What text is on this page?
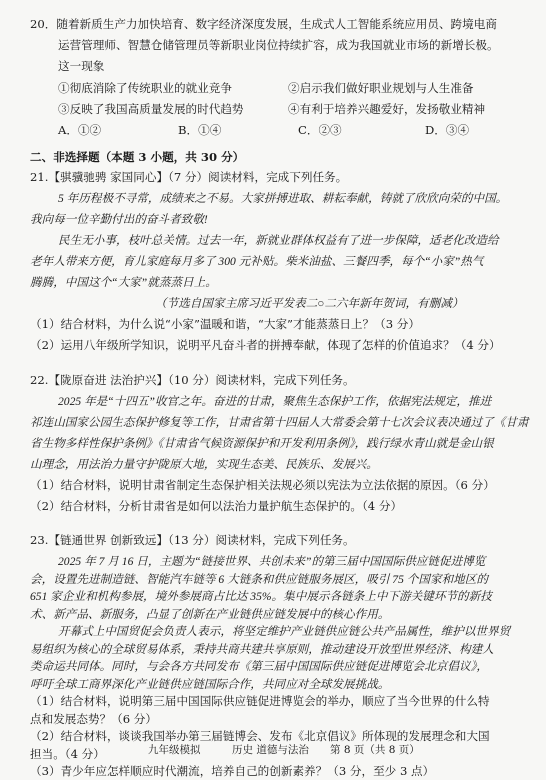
20．随着新质生产力加快培育、数字经济深度发展，生成式人工智能系统应用员、跨境电商
运营管理师、智慧仓储管理员等新职业岗位持续扩容，成为我国就业市场的新增长极。
这一现象
①彻底消除了传统职业的就业竞争	②启示我们做好职业规划与人生准备
③反映了我国高质量发展的时代趋势	④有利于培养兴趣爱好，发扬敬业精神
A．①②	B．①④	C．②③	D．③④
二、非选择题（本题 3 小题，共 30 分）
21.【骐骥驰骋 家国同心】（7 分）阅读材料，完成下列任务。
5 年历程极不寻常，成绩来之不易。大家拼搏进取、耕耘奉献，铸就了欣欣向荣的中国。
我向每一位辛勤付出的奋斗者致敬!
民生无小事，枝叶总关情。过去一年，新就业群体权益有了进一步保障，适老化改造给
老年人带来方便，育儿家庭每月多了 300 元补贴。柴米油盐、三餐四季，每个“小家”热气
腾腾，中国这个“大家”就蒸蒸日上。
（节选自国家主席习近平发表二○二六年新年贺词，有删减）
（1）结合材料，为什么说“小家”温暖和谐，“大家”才能蒸蒸日上？（3 分）
（2）运用八年级所学知识，说明平凡奋斗者的拼搏奉献，体现了怎样的价值追求？（4 分）
22.【陇原奋进 法治护兴】（10 分）阅读材料，完成下列任务。
2025 年是“十四五”收官之年。奋进的甘肃，聚焦生态保护工作，依据宪法规定，推进
祁连山国家公园生态保护修复等工作，甘肃省第十四届人大常委会第十七次会议表决通过了《甘肃
省生物多样性保护条例》《甘肃省气候资源保护和开发利用条例》，践行绿水青山就是金山银
山理念，用法治力量守护陇原大地，实现生态美、民族乐、发展兴。
（1）结合材料，说明甘肃省制定生态保护相关法规必须以宪法为立法依据的原因。（6 分）
（2）结合材料，分析甘肃省是如何以法治力量护航生态保护的。（4 分）
23.【链通世界 创新致远】（13 分）阅读材料，完成下列任务。
2025 年 7 月 16 日，主题为“链接世界、共创未来”的第三届中国国际供应链促进博览
会，设置先进制造链、智能汽车链等 6 大链条和供应链服务展区，吸引 75 个国家和地区的
651 家企业和机构参展，境外参展商占比达 35%。集中展示各链条上中下游关键环节的新技
术、新产品、新服务，凸显了创新在产业链供应链发展中的核心作用。
开幕式上中国贸促会负责人表示，将坚定维护产业链供应链公共产品属性，维护以世界贸
易组织为核心的全球贸易体系，秉持共商共建共享原则，推动建设开放型世界经济、构建人
类命运共同体。同时，与会各方共同发布《第三届中国国际供应链促进博览会北京倡议》，
呼吁全球工商界深化产业链供应链国际合作，共同应对全球发展挑战。
九年级模拟	历史 道德与法治 第 8 页（共 8 页）
（1）结合材料，说明第三届中国国际供应链促进博览会的举办，顺应了当今世界的什么特
点和发展态势？（6 分）
（2）结合材料，谈谈我国举办第三届链博会、发布《北京倡议》所体现的发展理念和大国
担当。（4 分）
（3）青少年应怎样顺应时代潮流，培养自己的创新素养？（3 分，至少 3 点）
